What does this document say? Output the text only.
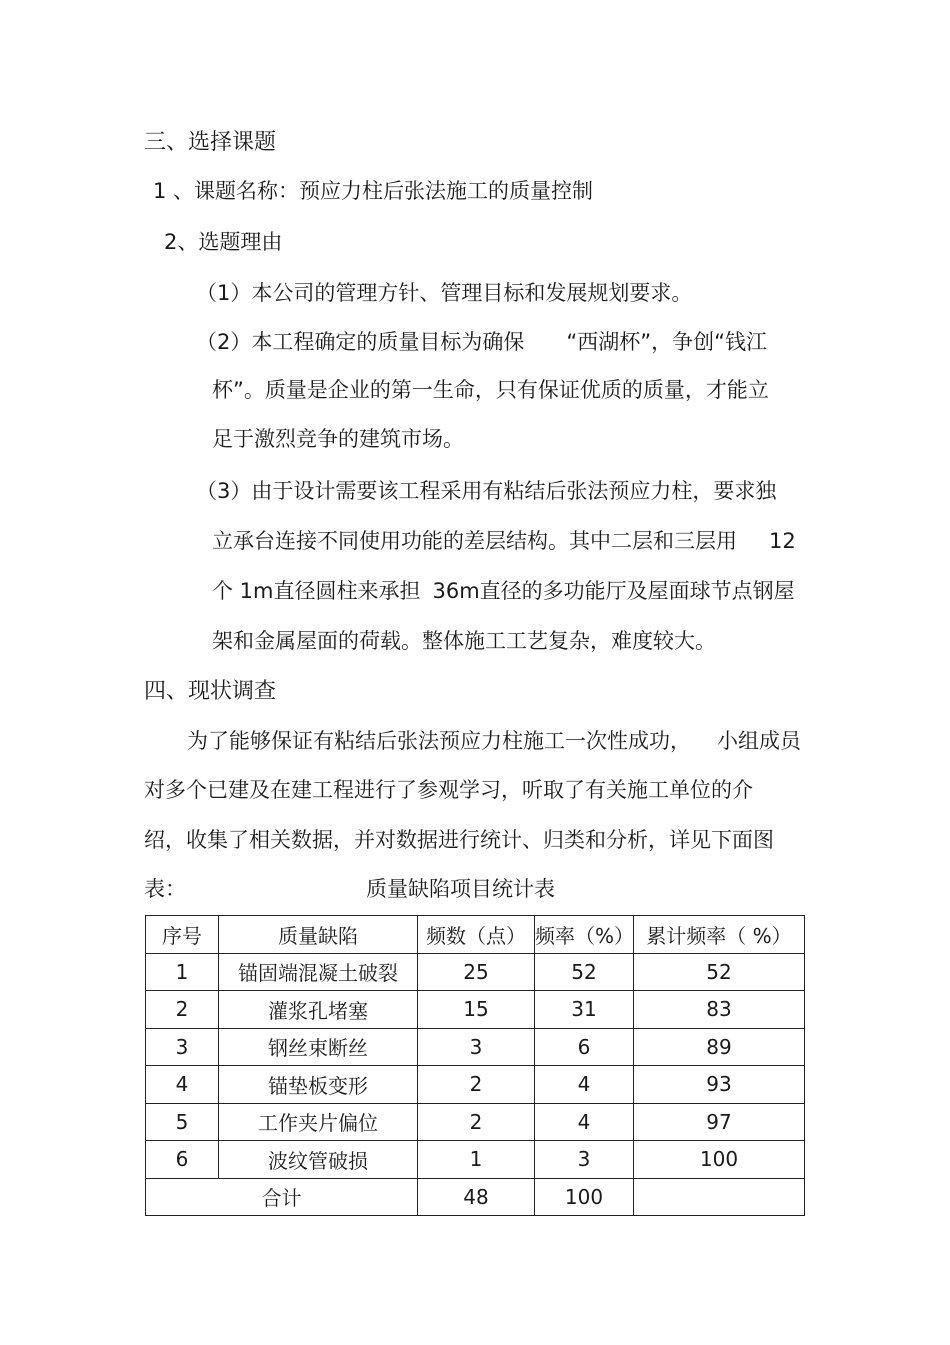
三、选择课题
1 、课题名称：预应力柱后张法施工的质量控制
2、选题理由
（1）本公司的管理方针、管理目标和发展规划要求。
（2）本工程确定的质量目标为确保 “西湖杯”，争创“钱江
杯”。质量是企业的第一生命，只有保证优质的质量，才能立
足于激烈竞争的建筑市场。
（3）由于设计需要该工程采用有粘结后张法预应力柱，要求独
立承台连接不同使用功能的差层结构。其中二层和三层用 12
个 1m直径圆柱来承担 36m直径的多功能厅及屋面球节点钢屋
架和金属屋面的荷载。整体施工工艺复杂，难度较大。
四、现状调查
为了能够保证有粘结后张法预应力柱施工一次性成功， 小组成员
对多个已建及在建工程进行了参观学习，听取了有关施工单位的介
绍，收集了相关数据，并对数据进行统计、归类和分析，详见下面图
表：	质量缺陷项目统计表
序号	质量缺陷	频数（点）	频率（%）	累计频率（ %）
1	锚固端混凝土破裂	25	52	52
2	灌浆孔堵塞	15	31	83
3	钢丝束断丝	3	6	89
4	锚垫板变形	2	4	93
5	工作夹片偏位	2	4	97
6	波纹管破损	1	3	100
合计		48	100	
